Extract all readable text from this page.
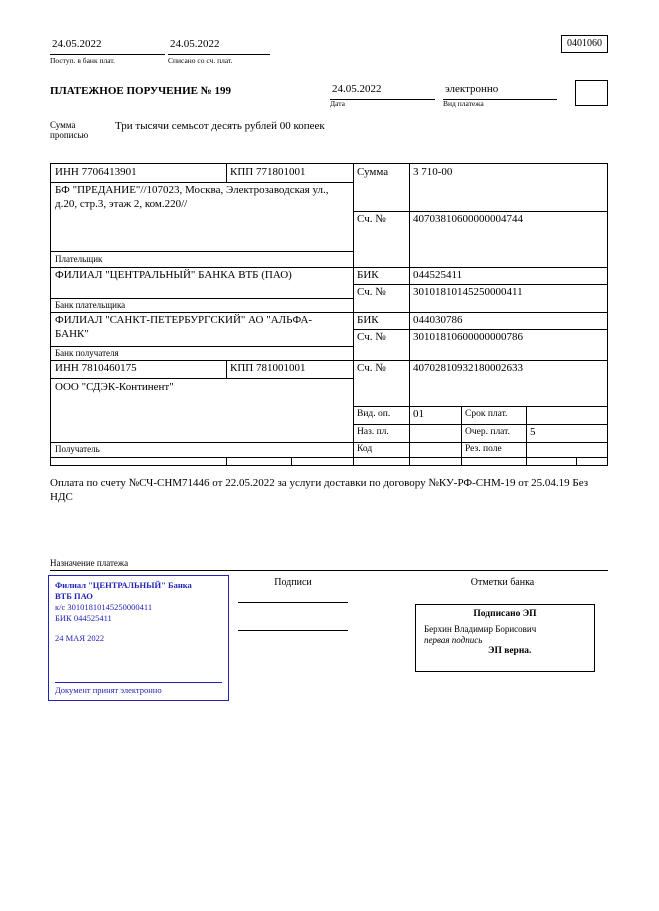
24.05.2022
Поступ. в банк плат.
24.05.2022
Списано со сч. плат.
0401060
ПЛАТЕЖНОЕ ПОРУЧЕНИЕ № 199	24.05.2022
Дата
электронно
Вид платежа
Сумма прописью
Три тысячи семьсот десять рублей 00 копеек
ИНН 7706413901	КПП 771801001	Сумма 3 710-00
БФ "ПРЕДАНИЕ"//107023, Москва, Электрозаводская ул., д.20, стр.3, этаж 2, ком.220//
Сч. № 40703810600000004744
Плательщик
ФИЛИАЛ "ЦЕНТРАЛЬНЫЙ" БАНКА ВТБ (ПАО)	БИК	044525411
Сч. № 30101810145250000411
Банк плательщика
ФИЛИАЛ "САНКТ-ПЕТЕРБУРГСКИЙ" АО "АЛЬФА-БАНК"
БИК	044030786
Сч. № 30101810600000000786
Банк получателя
ИНН 7810460175	КПП 781001001	Сч. № 40702810932180002633
ООО "СДЭК-Континент"
Получатель
Вид. оп. 01	Срок плат.
Наз. пл.	Очер. плат. 5
Код	Рез. поле
Оплата по счету №СЧ-СНМ71446 от 22.05.2022 за услуги доставки по договору №КУ-РФ-СНМ-19 от 25.04.19 Без НДС
Назначение платежа
Филиал "ЦЕНТРАЛЬНЫЙ" Банка
ВТБ ПАО
к/с 30101810145250000411
БИК 044525411
24 МАЯ 2022
Документ принят электронно
Подписи	Отметки банка
Подписано ЭП
Берхин Владимир Борисович
первая подпись
ЭП верна.
